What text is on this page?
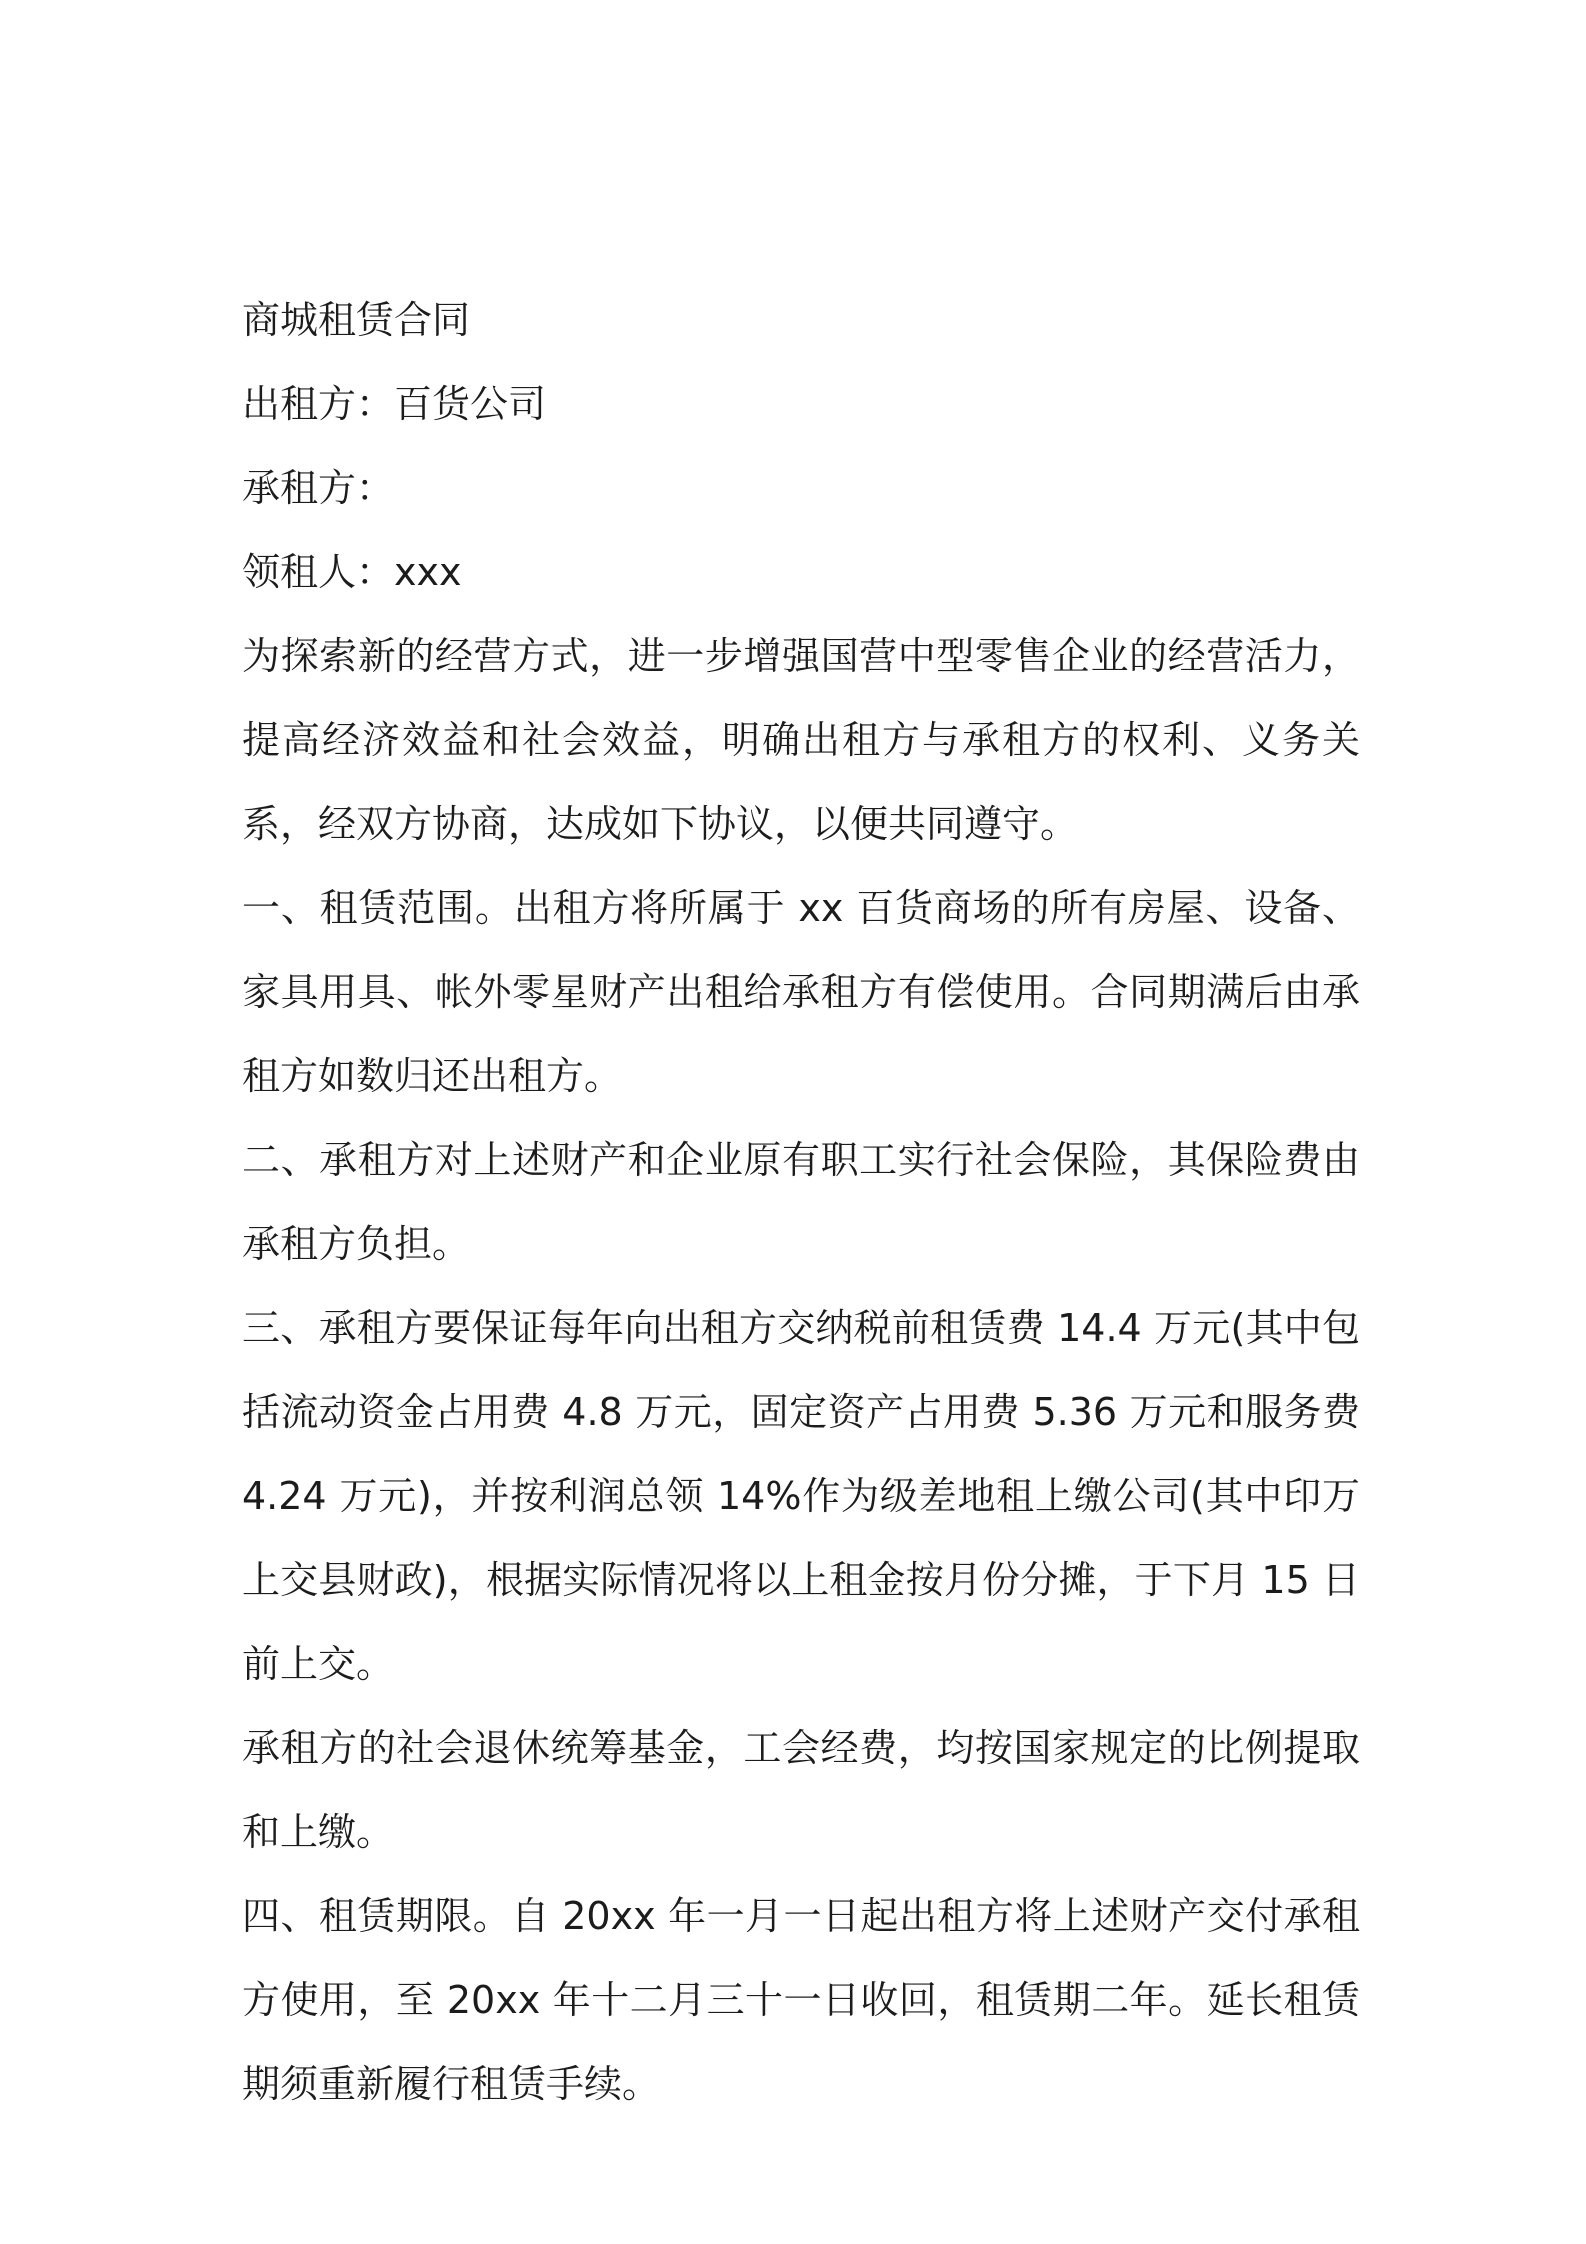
商城租赁合同

出租方：百货公司

承租方：

领租人：xxx

为探索新的经营方式，进一步增强国营中型零售企业的经营活力，提高经济效益和社会效益，明确出租方与承租方的权利、义务关系，经双方协商，达成如下协议，以便共同遵守。

一、租赁范围。出租方将所属于 xx 百货商场的所有房屋、设备、家具用具、帐外零星财产出租给承租方有偿使用。合同期满后由承租方如数归还出租方。

二、承租方对上述财产和企业原有职工实行社会保险，其保险费由承租方负担。

三、承租方要保证每年向出租方交纳税前租赁费 14.4 万元(其中包括流动资金占用费 4.8 万元，固定资产占用费 5.36 万元和服务费 4.24 万元)，并按利润总领 14%作为级差地租上缴公司(其中印万上交县财政)，根据实际情况将以上租金按月份分摊，于下月 15 日前上交。

承租方的社会退休统筹基金，工会经费，均按国家规定的比例提取和上缴。

四、租赁期限。自 20xx 年一月一日起出租方将上述财产交付承租方使用，至 20xx 年十二月三十一日收回，租赁期二年。延长租赁期须重新履行租赁手续。
